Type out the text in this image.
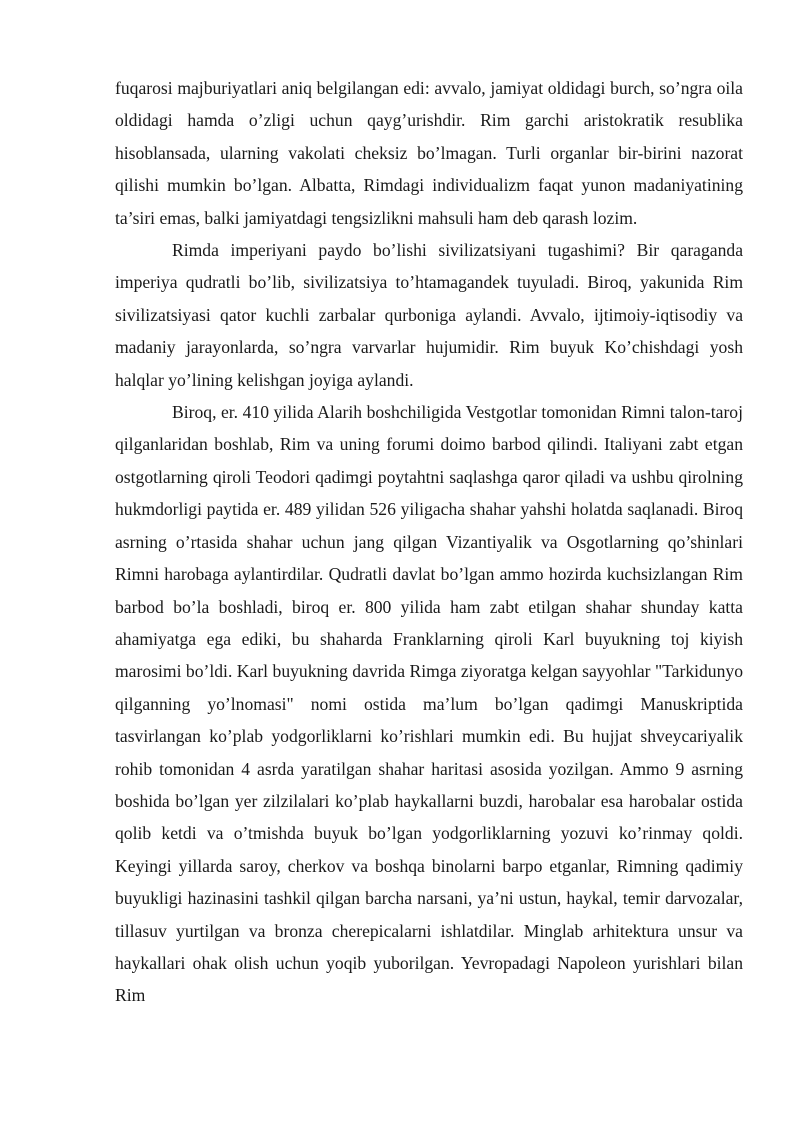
fuqarosi majburiyatlari aniq belgilangan edi: avvalo, jamiyat oldidagi burch, so’ngra oila oldidagi hamda o’zligi uchun qayg’urishdir. Rim garchi aristokratik resublika hisoblansada, ularning vakolati cheksiz bo’lmagan. Turli organlar bir-birini nazorat qilishi mumkin bo’lgan. Albatta, Rimdagi individualizm faqat yunon madaniyatining ta’siri emas, balki jamiyatdagi tengsizlikni mahsuli ham deb qarash lozim.

Rimda imperiyani paydo bo’lishi sivilizatsiyani tugashimi? Bir qaraganda imperiya qudratli bo’lib, sivilizatsiya to’htamagandek tuyuladi. Biroq, yakunida Rim sivilizatsiyasi qator kuchli zarbalar qurboniga aylandi. Avvalo, ijtimoiy-iqtisodiy va madaniy jarayonlarda, so’ngra varvarlar hujumidir. Rim buyuk Ko’chishdagi yosh halqlar yo’lining kelishgan joyiga aylandi.

Biroq, er. 410 yilida Alarih boshchiligida Vestgotlar tomonidan Rimni talon-taroj qilganlaridan boshlab, Rim va uning forumi doimo barbod qilindi. Italiyani zabt etgan ostgotlarning qiroli Teodori qadimgi poytahtni saqlashga qaror qiladi va ushbu qirolning hukmdorligi paytida er. 489 yilidan 526 yiligacha shahar yahshi holatda saqlanadi. Biroq asrning o’rtasida shahar uchun jang qilgan Vizantiyalik va Osgotlarning qo’shinlari Rimni harobaga aylantirdilar. Qudratli davlat bo’lgan ammo hozirda kuchsizlangan Rim barbod bo’la boshladi, biroq er. 800 yilida ham zabt etilgan shahar shunday katta ahamiyatga ega ediki, bu shaharda Franklarning qiroli Karl buyukning toj kiyish marosimi bo’ldi. Karl buyukning davrida Rimga ziyoratga kelgan sayyohlar "Tarkidunyo qilganning yo’lnomasi" nomi ostida ma’lum bo’lgan qadimgi Manuskriptida tasvirlangan ko’plab yodgorliklarni ko’rishlari mumkin edi. Bu hujjat shveycariyalik rohib tomonidan 4 asrda yaratilgan shahar haritasi asosida yozilgan. Ammo 9 asrning boshida bo’lgan yer zilzilalari ko’plab haykallarni buzdi, harobalar esa harobalar ostida qolib ketdi va o’tmishda buyuk bo’lgan yodgorliklarning yozuvi ko’rinmay qoldi. Keyingi yillarda saroy, cherkov va boshqa binolarni barpo etganlar, Rimning qadimiy buyukligi hazinasini tashkil qilgan barcha narsani, ya’ni ustun, haykal, temir darvozalar, tillasuv yurtilgan va bronza cherepicalarni ishlatdilar. Minglab arhitektura unsur va haykallari ohak olish uchun yoqib yuborilgan. Yevropadagi Napoleon yurishlari bilan Rim
